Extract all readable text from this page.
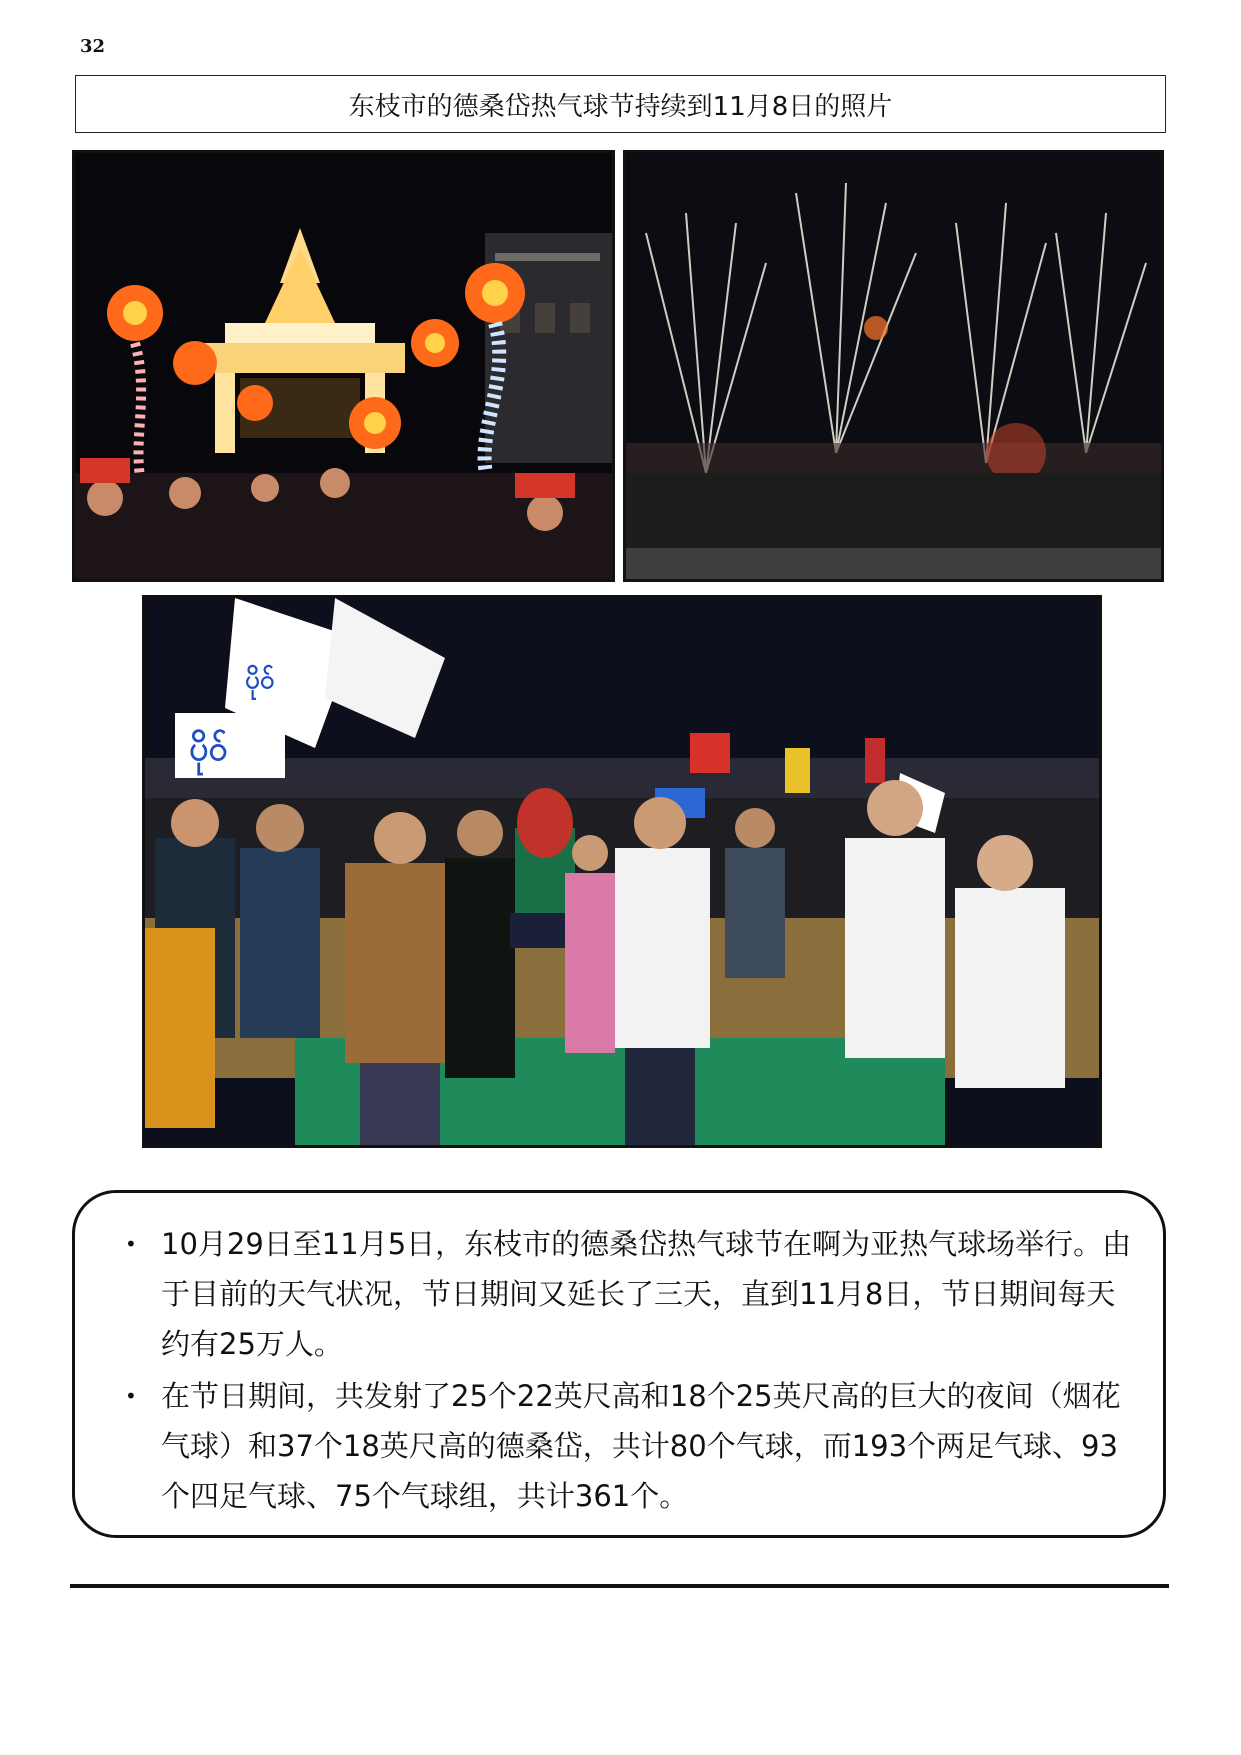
32
东枝市的德桑岱热气球节持续到11月8日的照片
ပိုဝ်
ပိုဝ်
• 10月29日至11月5日，东枝市的德桑岱热气球节在啊为亚热气球场举行。由于目前的天气状况，节日期间又延长了三天，直到11月8日，节日期间每天约有25万人。
• 在节日期间，共发射了25个22英尺高和18个25英尺高的巨大的夜间（烟花气球）和37个18英尺高的德桑岱，共计80个气球，而193个两足气球、93个四足气球、75个气球组，共计361个。
